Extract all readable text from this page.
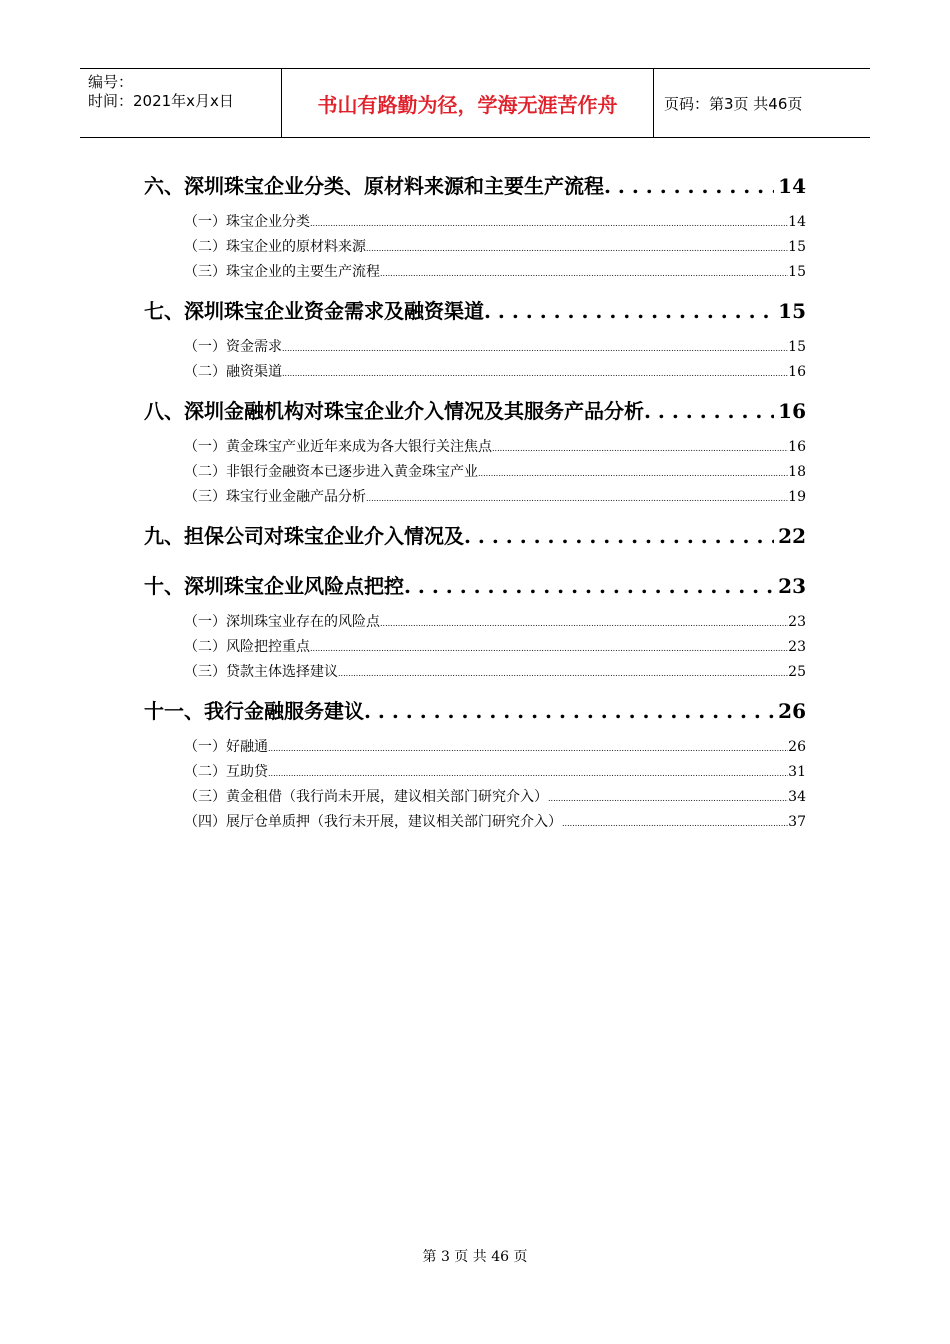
编号：
时间：2021年x月x日	书山有路勤为径，学海无涯苦作舟	页码：第3页 共46页
六、深圳珠宝企业分类、原材料来源和主要生产流程 . . .	14
（一）珠宝企业分类 .....	14
（二）珠宝企业的原材料来源 .....	15
（三）珠宝企业的主要生产流程 .....	15
七、深圳珠宝企业资金需求及融资渠道 . . .	15
（一）资金需求 .....	15
（二）融资渠道 .....	16
八、深圳金融机构对珠宝企业介入情况及其服务产品分析 . . .	16
（一）黄金珠宝产业近年来成为各大银行关注焦点 .....	16
（二）非银行金融资本已逐步进入黄金珠宝产业 .....	18
（三）珠宝行业金融产品分析 .....	19
九、担保公司对珠宝企业介入情况及 . . .	22
十、深圳珠宝企业风险点把控 . . .	23
（一）深圳珠宝业存在的风险点 .....	23
（二）风险把控重点 .....	23
（三）贷款主体选择建议 .....	25
十一、我行金融服务建议 . . .	26
（一）好融通 .....	26
（二）互助贷 .....	31
（三）黄金租借（我行尚未开展，建议相关部门研究介入） .....	34
（四）展厅仓单质押（我行未开展，建议相关部门研究介入） .....	37
第 3 页 共 46 页
